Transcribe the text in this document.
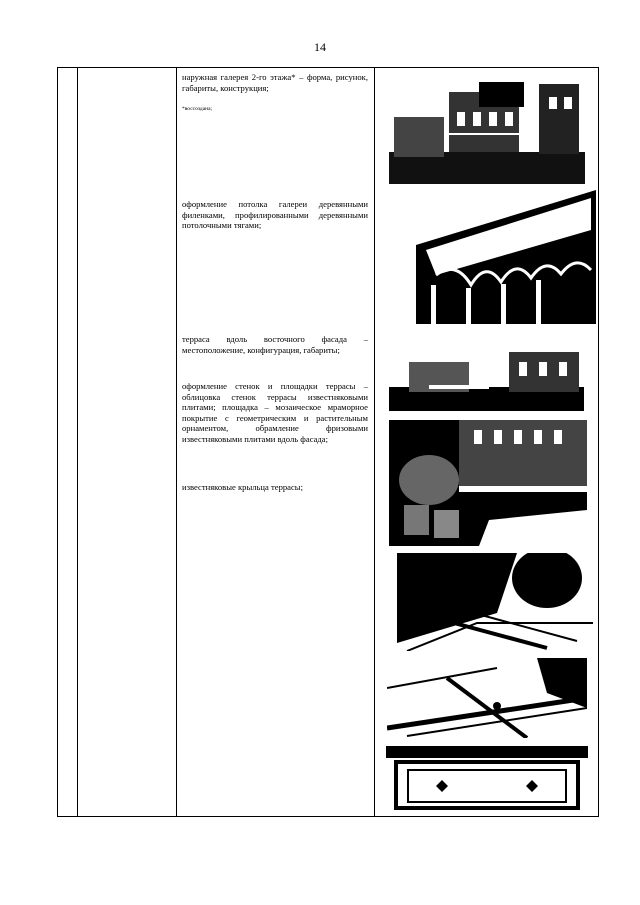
14
наружная галерея 2-го этажа* – форма, рисунок, габариты, конструкция;
*воссоздана;
оформление потолка галереи деревянными филенками, профилированными деревянными потолочными тягами;
терраса вдоль восточного фасада – местоположение, конфигурация, габариты;
оформление стенок и площадки террасы – облицовка стенок террасы известняковыми плитами; площадка – мозаическое мраморное покрытие с геометрическим и растительным орнаментом, обрамление фризовыми известняковыми плитами вдоль фасада;
известняковые крыльца террасы;
